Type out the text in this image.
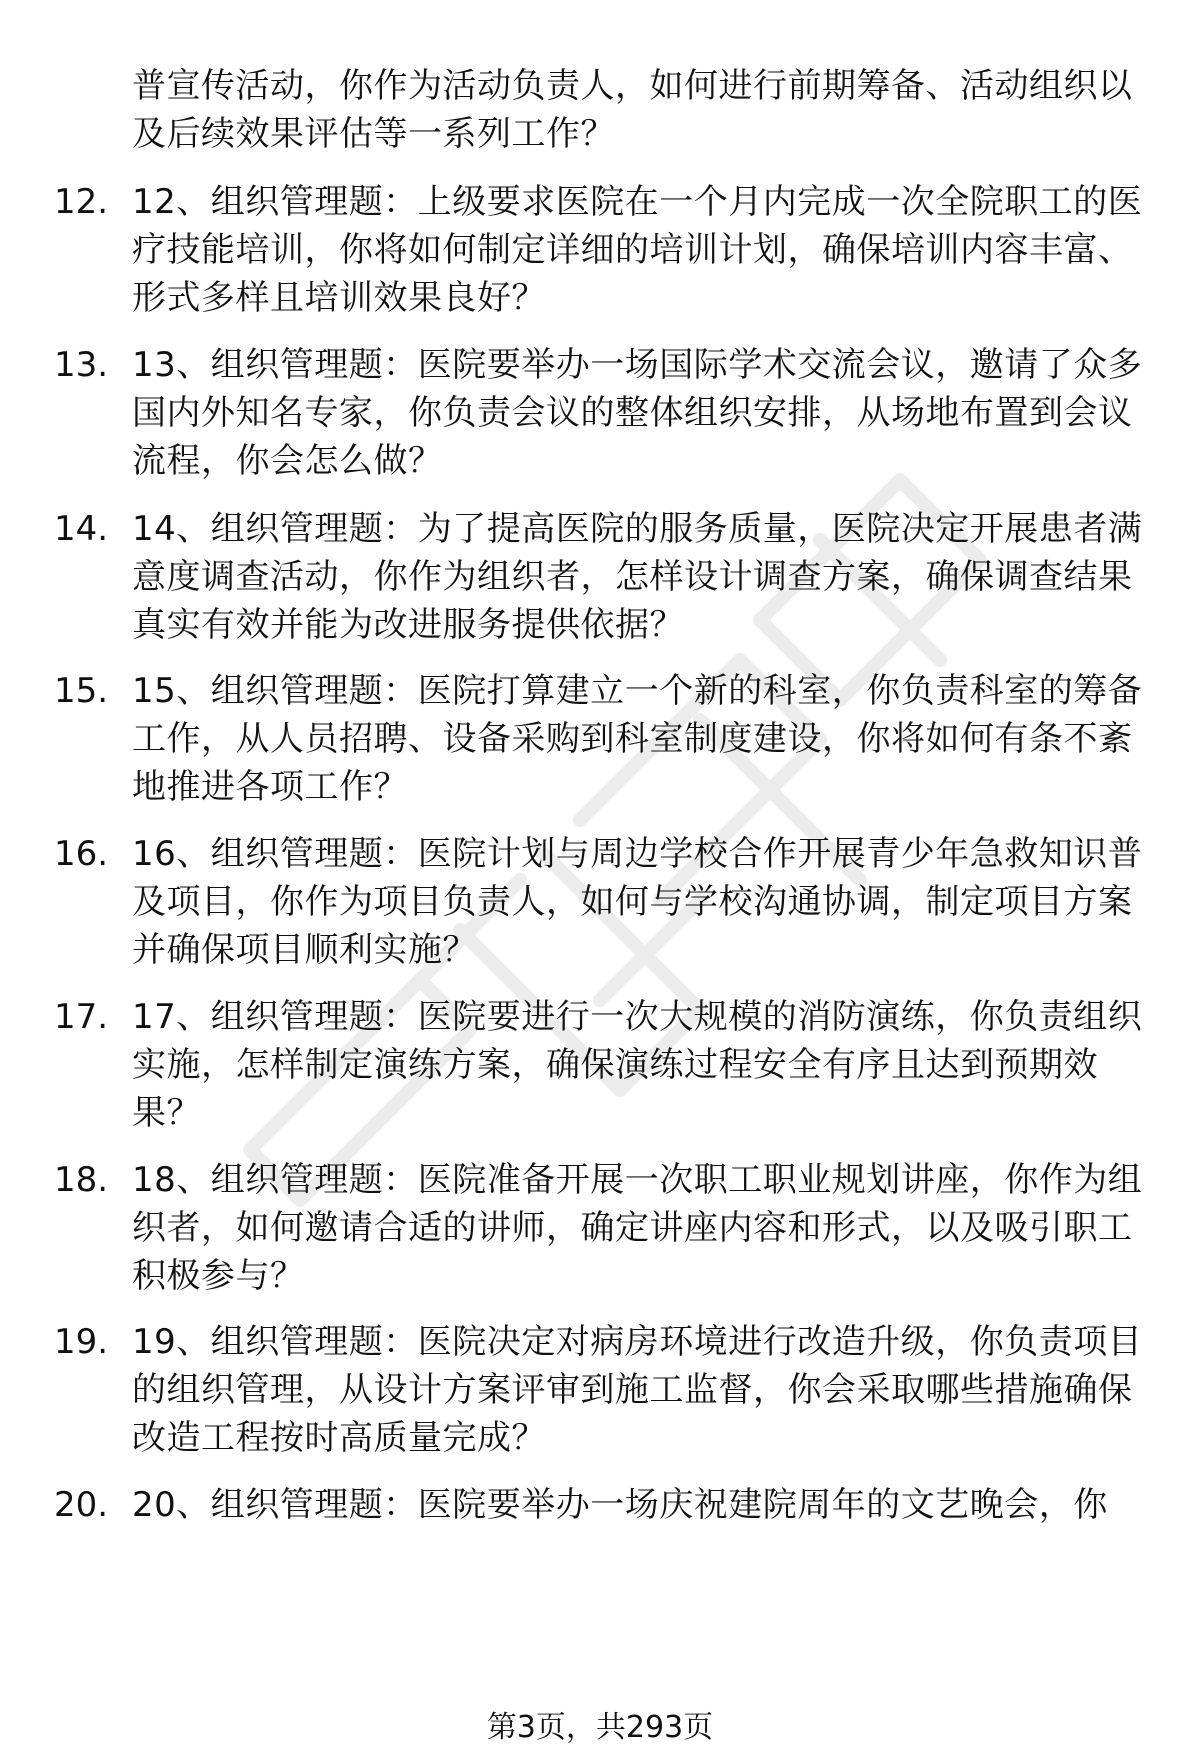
普宣传活动，你作为活动负责人，如何进行前期筹备、活动组织以及后续效果评估等一系列工作？
12. 12、组织管理题：上级要求医院在一个月内完成一次全院职工的医疗技能培训，你将如何制定详细的培训计划，确保培训内容丰富、形式多样且培训效果良好？
13. 13、组织管理题：医院要举办一场国际学术交流会议，邀请了众多国内外知名专家，你负责会议的整体组织安排，从场地布置到会议流程，你会怎么做？
14. 14、组织管理题：为了提高医院的服务质量，医院决定开展患者满意度调查活动，你作为组织者，怎样设计调查方案，确保调查结果真实有效并能为改进服务提供依据？
15. 15、组织管理题：医院打算建立一个新的科室，你负责科室的筹备工作，从人员招聘、设备采购到科室制度建设，你将如何有条不紊地推进各项工作？
16. 16、组织管理题：医院计划与周边学校合作开展青少年急救知识普及项目，你作为项目负责人，如何与学校沟通协调，制定项目方案并确保项目顺利实施？
17. 17、组织管理题：医院要进行一次大规模的消防演练，你负责组织实施，怎样制定演练方案，确保演练过程安全有序且达到预期效果？
18. 18、组织管理题：医院准备开展一次职工职业规划讲座，你作为组织者，如何邀请合适的讲师，确定讲座内容和形式，以及吸引职工积极参与？
19. 19、组织管理题：医院决定对病房环境进行改造升级，你负责项目的组织管理，从设计方案评审到施工监督，你会采取哪些措施确保改造工程按时高质量完成？
20. 20、组织管理题：医院要举办一场庆祝建院周年的文艺晚会，你
第3页，共293页
